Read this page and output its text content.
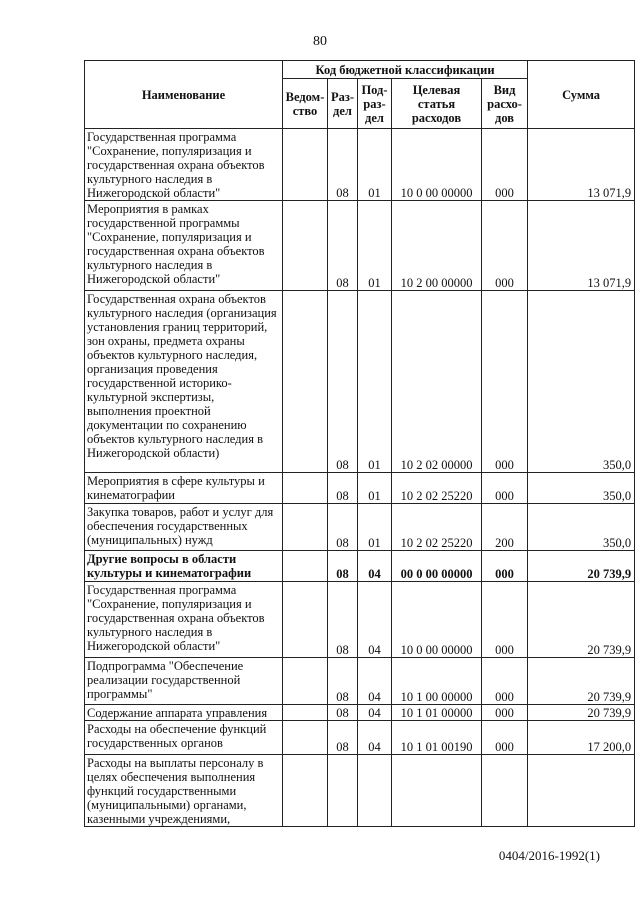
80
Наименование	Код бюджетной классификации					Сумма
	Ведом-ство	Раз-дел	Под-раз-дел	Целевая статья расходов	Вид расхо-дов	
Государственная программа "Сохранение, популяризация и государственная охрана объектов культурного наследия в Нижегородской области"		08	01	10 0 00 00000	000	13 071,9
Мероприятия в рамках государственной программы "Сохранение, популяризация и государственная охрана объектов культурного наследия в Нижегородской области"		08	01	10 2 00 00000	000	13 071,9
Государственная охрана объектов культурного наследия (организация установления границ территорий, зон охраны, предмета охраны объектов культурного наследия, организация проведения государственной историко-культурной экспертизы, выполнения проектной документации по сохранению объектов культурного наследия в Нижегородской области)		08	01	10 2 02 00000	000	350,0
Мероприятия в сфере культуры и кинематографии		08	01	10 2 02 25220	000	350,0
Закупка товаров, работ и услуг для обеспечения государственных (муниципальных) нужд		08	01	10 2 02 25220	200	350,0
Другие вопросы в области культуры и кинематографии		08	04	00 0 00 00000	000	20 739,9
Государственная программа "Сохранение, популяризация и государственная охрана объектов культурного наследия в Нижегородской области"		08	04	10 0 00 00000	000	20 739,9
Подпрограмма "Обеспечение реализации государственной программы"		08	04	10 1 00 00000	000	20 739,9
Содержание аппарата управления		08	04	10 1 01 00000	000	20 739,9
Расходы на обеспечение функций государственных органов		08	04	10 1 01 00190	000	17 200,0
Расходы на выплаты персоналу в целях обеспечения выполнения функций государственными (муниципальными) органами, казенными учреждениями,						
0404/2016-1992(1)
